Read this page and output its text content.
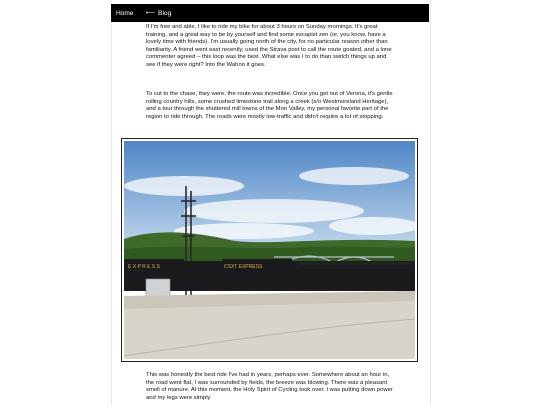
Home	⟵ Blog

If I'm free and able, I like to ride my bike for about 3 hours on Sunday mornings. It's great training, and a great way to be by yourself and find some escapist zen (or, you know, have a lovely time with friends). I'm usually going north of the city, for no particular reason other than familiarity. A friend went east recently, used the Strava post to call the route goated, and a lone commenter agreed – this loop was the best. What else was I to do than switch things up and see if they were right? Into the Wahoo it goes.

To cut to the chase, they were, the route was incredible. Once you get out of Verona, it's gentle rolling country hills, some crushed limestone trail along a creek (s/o Westmoreland Heritage), and a tour through the shuttered mill towns of the Mon Valley, my personal favorite part of the region to ride through. The roads were mostly low-traffic and didn't require a lot of stopping.

E X P R E S S	CSXT EXPRESS

This was honestly the best ride I've had in years, perhaps ever. Somewhere about an hour in, the road went flat, I was surrounded by fields, the breeze was blowing. There was a pleasant smell of manure. At this moment, the Holy Spirit of Cycling took over. I was putting down power and my legs were simply
